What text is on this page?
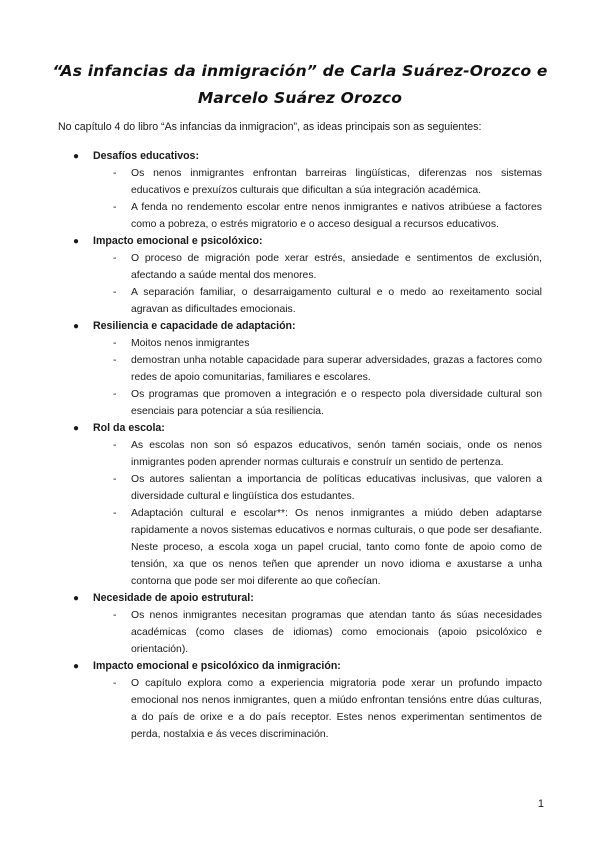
“As infancias da inmigración” de Carla Suárez-Orozco e
Marcelo Suárez Orozco
No capítulo 4 do libro “As infancias da inmigracion”, as ideas principais son as seguientes:
● Desafíos educativos:
- Os nenos inmigrantes enfrontan barreiras lingüísticas, diferenzas nos sistemas educativos e prexuízos culturais que dificultan a súa integración académica.
- A fenda no rendemento escolar entre nenos inmigrantes e nativos atribúese a factores como a pobreza, o estrés migratorio e o acceso desigual a recursos educativos.
● Impacto emocional e psicolóxico:
- O proceso de migración pode xerar estrés, ansiedade e sentimentos de exclusión, afectando a saúde mental dos menores.
- A separación familiar, o desarraigamento cultural e o medo ao rexeitamento social agravan as dificultades emocionais.
● Resiliencia e capacidade de adaptación:
- Moitos nenos inmigrantes
- demostran unha notable capacidade para superar adversidades, grazas a factores como redes de apoio comunitarias, familiares e escolares.
- Os programas que promoven a integración e o respecto pola diversidade cultural son esenciais para potenciar a súa resiliencia.
● Rol da escola:
- As escolas non son só espazos educativos, senón tamén sociais, onde os nenos inmigrantes poden aprender normas culturais e construír un sentido de pertenza.
- Os autores salientan a importancia de políticas educativas inclusivas, que valoren a diversidade cultural e lingüística dos estudantes.
- Adaptación cultural e escolar**: Os nenos inmigrantes a miúdo deben adaptarse rapidamente a novos sistemas educativos e normas culturais, o que pode ser desafiante. Neste proceso, a escola xoga un papel crucial, tanto como fonte de apoio como de tensión, xa que os nenos teñen que aprender un novo idioma e axustarse a unha contorna que pode ser moi diferente ao que coñecían.
● Necesidade de apoio estrutural:
- Os nenos inmigrantes necesitan programas que atendan tanto ás súas necesidades académicas (como clases de idiomas) como emocionais (apoio psicolóxico e orientación).
● Impacto emocional e psicolóxico da inmigración:
- O capítulo explora como a experiencia migratoria pode xerar un profundo impacto emocional nos nenos inmigrantes, quen a miúdo enfrontan tensións entre dúas culturas, a do país de orixe e a do país receptor. Estes nenos experimentan sentimentos de perda, nostalxia e ás veces discriminación.
1
